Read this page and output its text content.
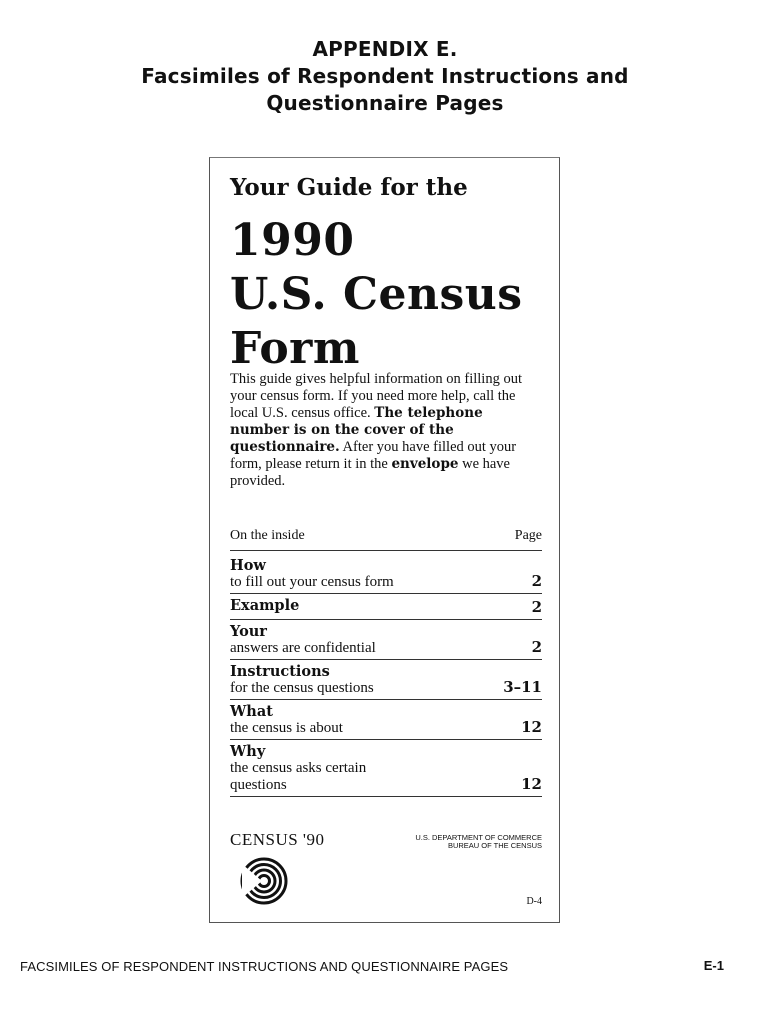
APPENDIX E.
Facsimiles of Respondent Instructions and
Questionnaire Pages
Your Guide for the
1990
U.S. Census
Form
This guide gives helpful information on filling out your census form. If you need more help, call the local U.S. census office. The telephone number is on the cover of the questionnaire. After you have filled out your form, please return it in the envelope we have provided.
On the inside	Page
How
to fill out your census form	2
Example	2
Your
answers are confidential	2
Instructions
for the census questions	3–11
What
the census is about	12
Why
the census asks certain questions	12
CENSUS '90	U.S. DEPARTMENT OF COMMERCE
BUREAU OF THE CENSUS
D-4
FACSIMILES OF RESPONDENT INSTRUCTIONS AND QUESTIONNAIRE PAGES	E-1
